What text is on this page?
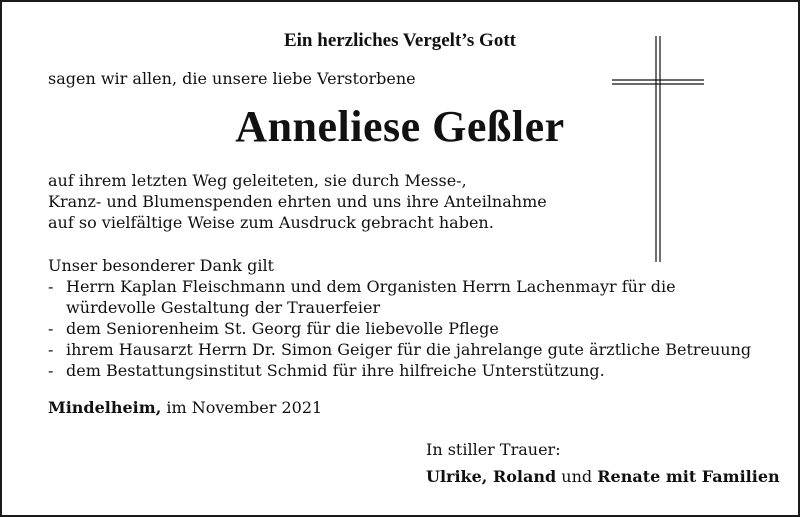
Ein herzliches Vergelt’s Gott
sagen wir allen, die unsere liebe Verstorbene
Anneliese Geßler
auf ihrem letzten Weg geleiteten, sie durch Messe-,
Kranz- und Blumenspenden ehrten und uns ihre Anteilnahme
auf so vielfältige Weise zum Ausdruck gebracht haben.
Unser besonderer Dank gilt
- Herrn Kaplan Fleischmann und dem Organisten Herrn Lachenmayr für die
würdevolle Gestaltung der Trauerfeier
- dem Seniorenheim St. Georg für die liebevolle Pflege
- ihrem Hausarzt Herrn Dr. Simon Geiger für die jahrelange gute ärztliche Betreuung
- dem Bestattungsinstitut Schmid für ihre hilfreiche Unterstützung.
Mindelheim, im November 2021
In stiller Trauer:
Ulrike, Roland und Renate mit Familien
